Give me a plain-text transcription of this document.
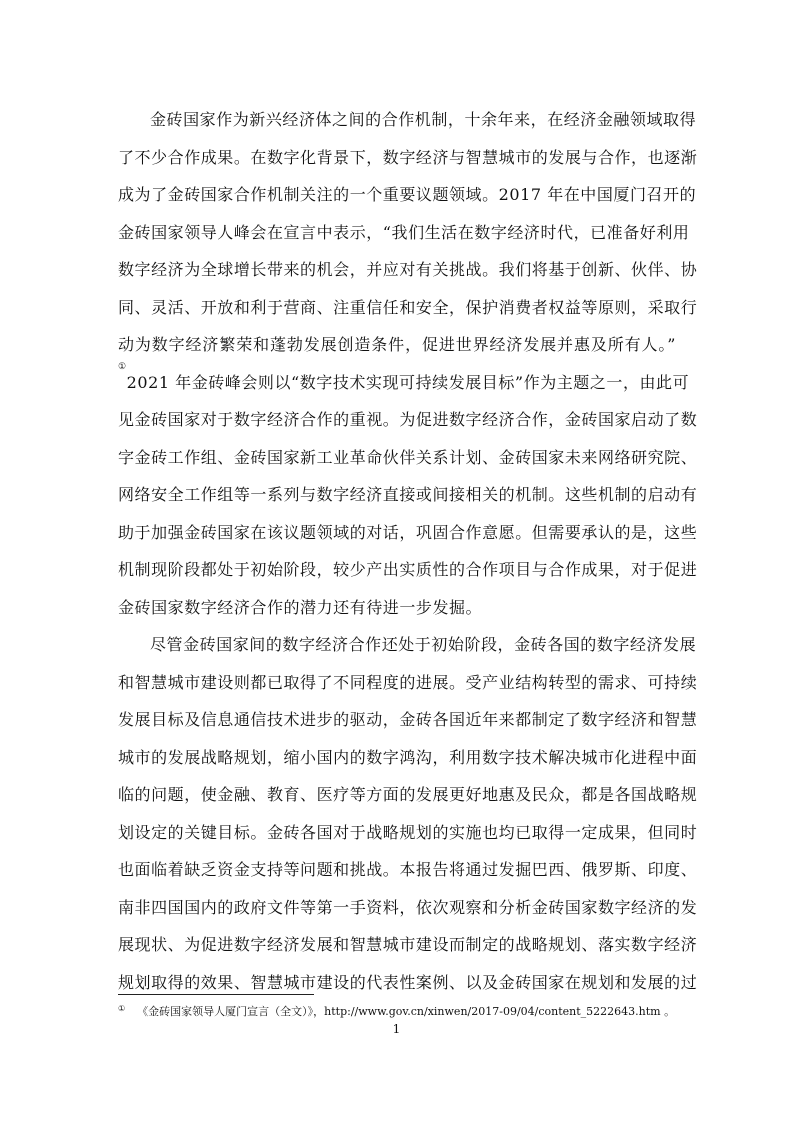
金砖国家作为新兴经济体之间的合作机制，十余年来，在经济金融领域取得
了不少合作成果。在数字化背景下，数字经济与智慧城市的发展与合作，也逐渐
成为了金砖国家合作机制关注的一个重要议题领域。2017 年在中国厦门召开的
金砖国家领导人峰会在宣言中表示，“我们生活在数字经济时代，已准备好利用
数字经济为全球增长带来的机会，并应对有关挑战。我们将基于创新、伙伴、协
同、灵活、开放和利于营商、注重信任和安全，保护消费者权益等原则，采取行
动为数字经济繁荣和蓬勃发展创造条件，促进世界经济发展并惠及所有人。”
①2021 年金砖峰会则以“数字技术实现可持续发展目标”作为主题之一，由此可
见金砖国家对于数字经济合作的重视。为促进数字经济合作，金砖国家启动了数
字金砖工作组、金砖国家新工业革命伙伴关系计划、金砖国家未来网络研究院、
网络安全工作组等一系列与数字经济直接或间接相关的机制。这些机制的启动有
助于加强金砖国家在该议题领域的对话，巩固合作意愿。但需要承认的是，这些
机制现阶段都处于初始阶段，较少产出实质性的合作项目与合作成果，对于促进
金砖国家数字经济合作的潜力还有待进一步发掘。
尽管金砖国家间的数字经济合作还处于初始阶段，金砖各国的数字经济发展
和智慧城市建设则都已取得了不同程度的进展。受产业结构转型的需求、可持续
发展目标及信息通信技术进步的驱动，金砖各国近年来都制定了数字经济和智慧
城市的发展战略规划，缩小国内的数字鸿沟，利用数字技术解决城市化进程中面
临的问题，使金融、教育、医疗等方面的发展更好地惠及民众，都是各国战略规
划设定的关键目标。金砖各国对于战略规划的实施也均已取得一定成果，但同时
也面临着缺乏资金支持等问题和挑战。本报告将通过发掘巴西、俄罗斯、印度、
南非四国国内的政府文件等第一手资料，依次观察和分析金砖国家数字经济的发
展现状、为促进数字经济发展和智慧城市建设而制定的战略规划、落实数字经济
规划取得的效果、智慧城市建设的代表性案例、以及金砖国家在规划和发展的过
① 《金砖国家领导人厦门宣言（全文）》，http://www.gov.cn/xinwen/2017-09/04/content_5222643.htm 。
1
